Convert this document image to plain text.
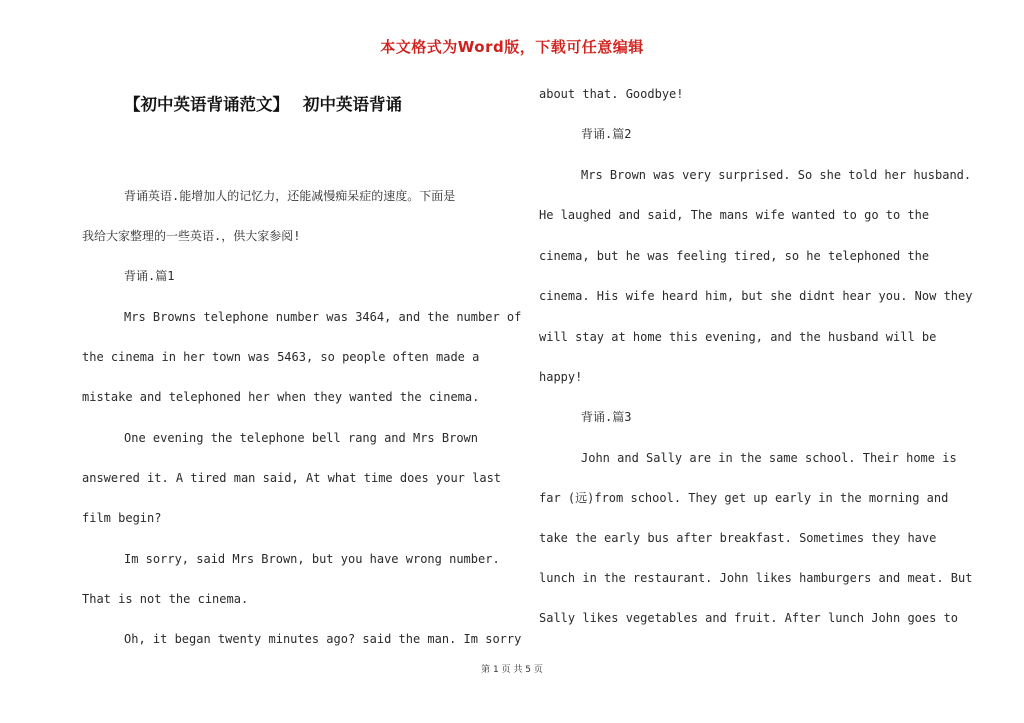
本文格式为Word版，下载可任意编辑
【初中英语背诵范文】 初中英语背诵
背诵英语.能增加人的记忆力，还能减慢痴呆症的速度。下面是
我给大家整理的一些英语.，供大家参阅!
背诵.篇1
Mrs Browns telephone number was 3464, and the number of
the cinema in her town was 5463, so people often made a
mistake and telephoned her when they wanted the cinema.
One evening the telephone bell rang and Mrs Brown
answered it. A tired man said, At what time does your last
film begin?
Im sorry, said Mrs Brown, but you have wrong number.
That is not the cinema.
Oh, it began twenty minutes ago? said the man. Im sorry
about that. Goodbye!
背诵.篇2
Mrs Brown was very surprised. So she told her husband.
He laughed and said, The mans wife wanted to go to the
cinema, but he was feeling tired, so he telephoned the
cinema. His wife heard him, but she didnt hear you. Now they
will stay at home this evening, and the husband will be
happy!
背诵.篇3
John and Sally are in the same school. Their home is
far (远)from school. They get up early in the morning and
take the early bus after breakfast. Sometimes they have
lunch in the restaurant. John likes hamburgers and meat. But
Sally likes vegetables and fruit. After lunch John goes to
第 1 页 共 5 页
